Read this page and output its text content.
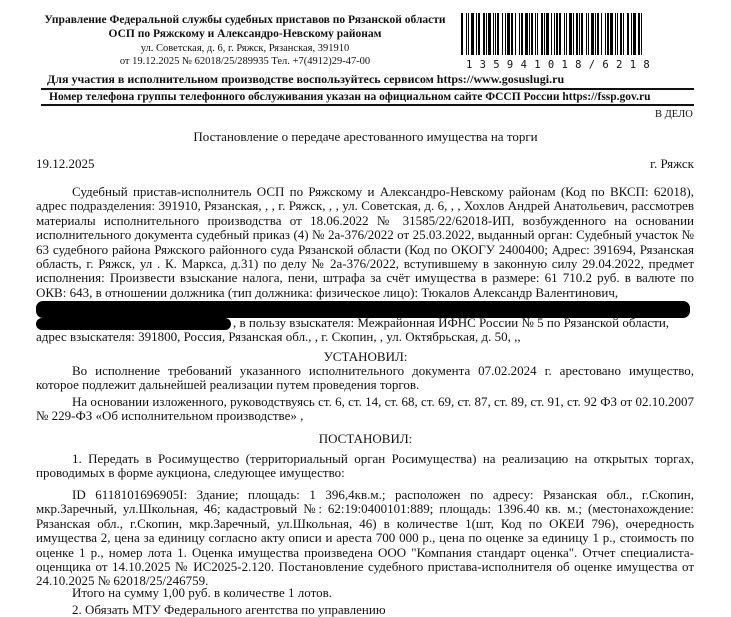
Управление Федеральной службы судебных приставов по Рязанской области
ОСП по Ряжскому и Александро-Невскому районам
ул. Советская, д. 6, г. Ряжск, Рязанская, 391910
от 19.12.2025 № 62018/25/289935 Тел. +7(4912)29-47-00	1 3 5 9 4 1 0 1 8 / 6 2 1 8
Для участия в исполнительном производстве воспользуйтесь сервисом https://www.gosuslugi.ru
Номер телефона группы телефонного обслуживания указан на официальном сайте ФССП России https://fssp.gov.ru
В ДЕЛО
Постановление о передаче арестованного имущества на торги
19.12.2025	г. Ряжск
Судебный пристав-исполнитель ОСП по Ряжскому и Александро-Невскому районам (Код по ВКСП: 62018), адрес подразделения: 391910, Рязанская, , , г. Ряжск, , , ул. Советская, д. 6, , , Хохлов Андрей Анатольевич, рассмотрев материалы исполнительного производства от 18.06.2022 № 31585/22/62018-ИП, возбужденного на основании исполнительного документа судебный приказ (4) № 2а-376/2022 от 25.03.2022, выданный орган: Судебный участок № 63 судебного района Ряжского районного суда Рязанской области (Код по ОКОГУ 2400400; Адрес: 391694, Рязанская область, г. Ряжск, ул . К. Маркса, д.31) по делу № 2а-376/2022, вступившему в законную силу 29.04.2022, предмет исполнения: Произвести взыскание налога, пени, штрафа за счёт имущества в размере: 61 710.2 руб. в валюте по ОКВ: 643, в отношении должника (тип должника: физическое лицо): Тюкалов Александр Валентинович,
, в пользу взыскателя: Межрайонная ИФНС России № 5 по Рязанской области,
адрес взыскателя: 391800, Россия, Рязанская обл., , г. Скопин, , ул. Октябрьская, д. 50, ,,
УСТАНОВИЛ:
Во исполнение требований указанного исполнительного документа 07.02.2024 г. арестовано имущество, которое подлежит дальнейшей реализации путем проведения торгов.
На основании изложенного, руководствуясь ст. 6, ст. 14, ст. 68, ст. 69, ст. 87, ст. 89, ст. 91, ст. 92 ФЗ от 02.10.2007 № 229-ФЗ «Об исполнительном производстве» ,
ПОСТАНОВИЛ:
1. Передать в Росимущество (территориальный орган Росимущества) на реализацию на открытых торгах, проводимых в форме аукциона, следующее имущество:
ID 6118101696905I: Здание; площадь: 1 396,4кв.м.; расположен по адресу: Рязанская обл., г.Скопин, мкр.Заречный, ул.Школьная, 46; кадастровый №: 62:19:0400101:889; площадь: 1396.40 кв. м.; (местонахождение: Рязанская обл., г.Скопин, мкр.Заречный, ул.Школьная, 46) в количестве 1(шт, Код по ОКЕИ 796), очередность имущества 2, цена за единицу согласно акту описи и ареста 700 000 р., цена по оценке за единицу 1 р., стоимость по оценке 1 р., номер лота 1. Оценка имущества произведена ООО "Компания стандарт оценка". Отчет специалиста-оценщика от 14.10.2025 № ИС2025-2.120. Постановление судебного пристава-исполнителя об оценке имущества от 24.10.2025 № 62018/25/246759.
Итого на сумму 1,00 руб. в количестве 1 лотов.
2. Обязать МТУ Федерального агентства по управлению
